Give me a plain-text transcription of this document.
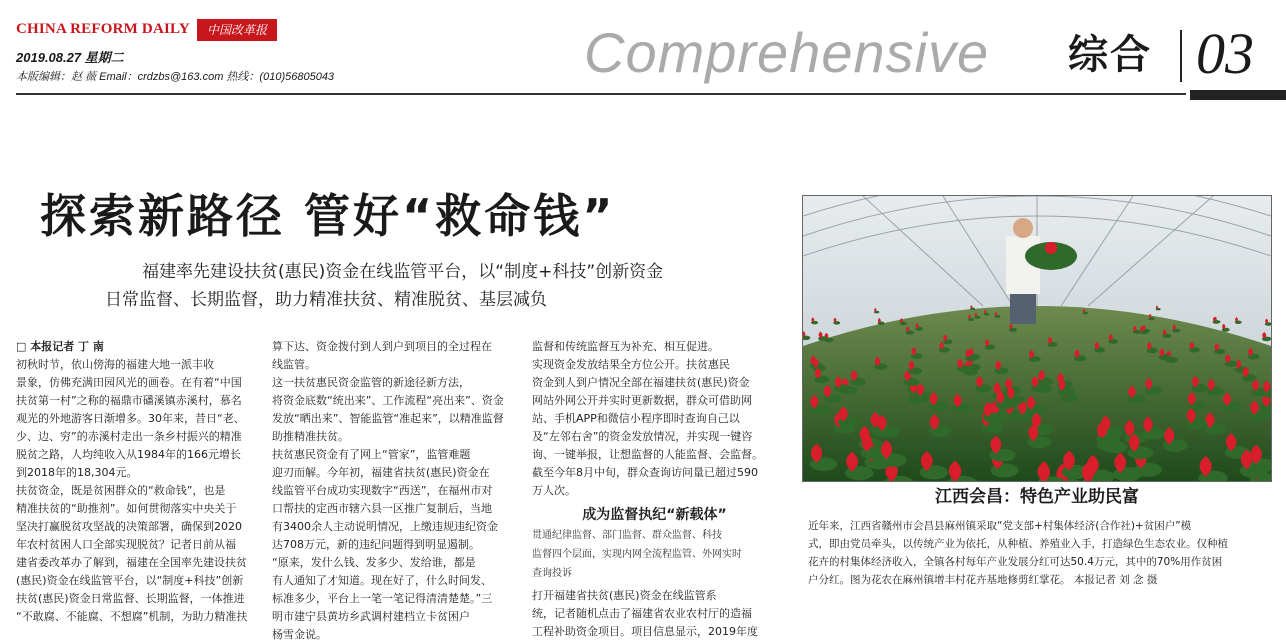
CHINA REFORM DAILY	中国改革报
2019.08.27 星期二
本版编辑：赵 薇 Email：crdzbs@163.com 热线：(010)56805043	Comprehensive 综合 03
探索新路径 管好“救命钱”
福建率先建设扶贫(惠民)资金在线监管平台，以“制度+科技”创新资金
日常监督、长期监督，助力精准扶贫、精准脱贫、基层减负

□ 本报记者 丁 南

初秋时节，依山傍海的福建大地一派丰收

景象，仿佛充满田园风光的画卷。在有着“中国

扶贫第一村”之称的福鼎市磻溪镇赤溪村，慕名

观光的外地游客日渐增多。30年来，昔日“老、

少、边、穷”的赤溪村走出一条乡村振兴的精准

脱贫之路，人均纯收入从1984年的166元增长

到2018年的18,304元。

扶贫资金，既是贫困群众的“救命钱”，也是

精准扶贫的“助推剂”。如何贯彻落实中央关于

坚决打赢脱贫攻坚战的决策部署，确保到2020

年农村贫困人口全部实现脱贫？记者日前从福

建省委改革办了解到，福建在全国率先建设扶贫

(惠民)资金在线监管平台，以“制度+科技”创新

扶贫(惠民)资金日常监督、长期监督，一体推进

“不敢腐、不能腐、不想腐”机制，为助力精准扶

算下达、资金拨付到人到户到项目的全过程在

线监管。

这一扶贫惠民资金监管的新途径新方法，

将资金底数“统出来”、工作流程“亮出来”、资金

发放“晒出来”、智能监管“准起来”，以精准监督

助推精准扶贫。

扶贫惠民资金有了网上“管家”，监管难题

迎刃而解。今年初，福建省扶贫(惠民)资金在

线监管平台成功实现数字“西送”，在福州市对

口帮扶的定西市辖六县一区推广复制后，当地

有3400余人主动说明情况，上缴违规违纪资金

达708万元，新的违纪问题得到明显遏制。

“原来，发什么钱、发多少、发给谁，都是

有人通知了才知道。现在好了，什么时间发、

标准多少，平台上一笔一笔记得清清楚楚。”三

明市建宁县黄坊乡武调村建档立卡贫困户

杨雪金说。

监督和传统监督互为补充、相互促进。

实现资金发放结果全方位公开。扶贫惠民

资金到人到户情况全部在福建扶贫(惠民)资金

网站外网公开并实时更新数据，群众可借助网

站、手机APP和微信小程序即时查询自己以

及“左邻右舍”的资金发放情况，并实现一键咨

询、一键举报，让想监督的人能监督、会监督。

截至今年8月中旬，群众查询访问量已超过590

万人次。

成为监督执纪“新载体”

贯通纪律监督、部门监督、群众监督、科技

监督四个层面，实现内网全流程监管、外网实时

查询投诉

打开福建省扶贫(惠民)资金在线监管系

统，记者随机点击了福建省农业农村厅的造福

工程补助资金项目。项目信息显示，2019年度

江西会昌：特色产业助民富

近年来，江西省赣州市会昌县麻州镇采取“党支部+村集体经济(合作社)+贫困户”模

式，即由党员牵头，以传统产业为依托，从种植、养殖业入手，打造绿色生态农业。仅种植

花卉的村集体经济收入，全镇各村每年产业发展分红可达50.4万元，其中的70%用作贫困

户分红。图为花农在麻州镇增丰村花卉基地修剪红掌花。 本报记者 刘 念 摄
